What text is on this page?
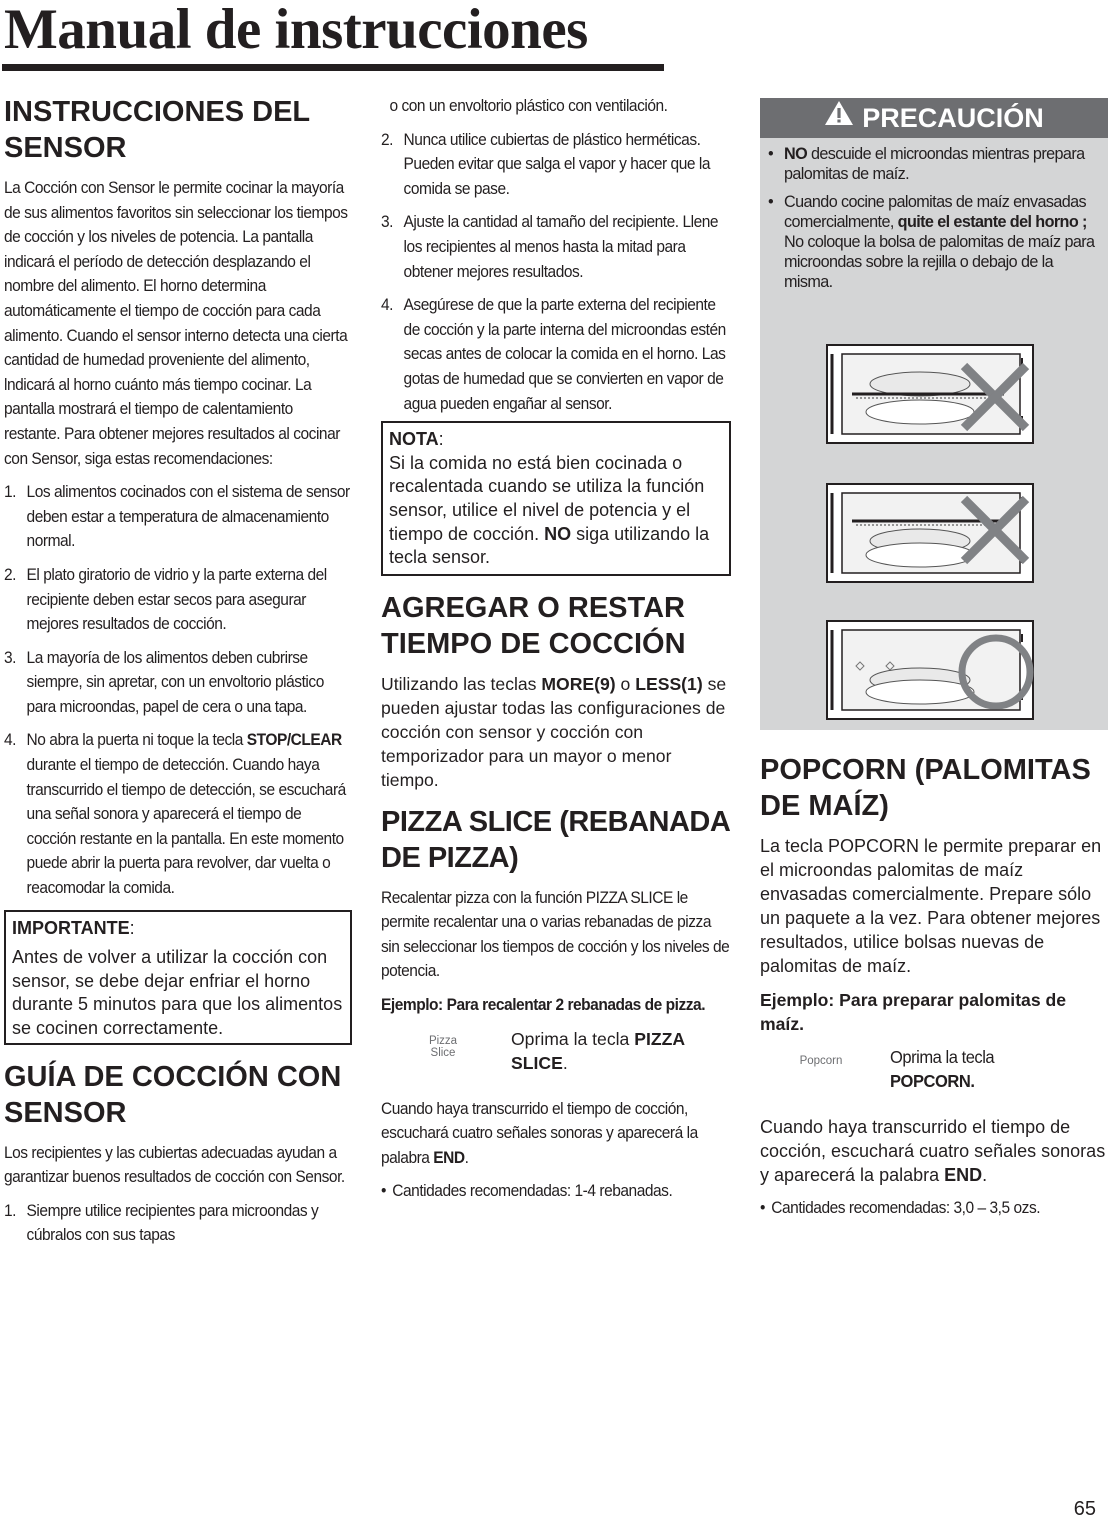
Manual de instrucciones
INSTRUCCIONES DEL SENSOR

La Cocción con Sensor le permite cocinar la mayoría de sus alimentos favoritos sin seleccionar los tiempos de cocción y los niveles de potencia. La pantalla indicará el período de detección desplazando el nombre del alimento. El horno determina automáticamente el tiempo de cocción para cada alimento. Cuando el sensor interno detecta una cierta cantidad de humedad proveniente del alimento, lndicará al horno cuánto más tiempo cocinar. La pantalla mostrará el tiempo de calentamiento restante. Para obtener mejores resultados al cocinar con Sensor, siga estas recomendaciones:

1. Los alimentos cocinados con el sistema de sensor deben estar a temperatura de almacenamiento normal.
2. El plato giratorio de vidrio y la parte externa del recipiente deben estar secos para asegurar mejores resultados de cocción.
3. La mayoría de los alimentos deben cubrirse siempre, sin apretar, con un envoltorio plástico para microondas, papel de cera o una tapa.
4. No abra la puerta ni toque la tecla STOP/CLEAR durante el tiempo de detección. Cuando haya transcurrido el tiempo de detección, se escuchará una señal sonora y aparecerá el tiempo de cocción restante en la pantalla. En este momento puede abrir la puerta para revolver, dar vuelta o reacomodar la comida.
IMPORTANTE:
Antes de volver a utilizar la cocción con sensor, se debe dejar enfriar el horno durante 5 minutos para que los alimentos se cocinen correctamente.
GUÍA DE COCCIÓN CON SENSOR

Los recipientes y las cubiertas adecuadas ayudan a garantizar buenos resultados de cocción con Sensor.

1. Siempre utilice recipientes para microondas y cúbralos con sus tapas
o con un envoltorio plástico con ventilación.
2. Nunca utilice cubiertas de plástico herméticas. Pueden evitar que salga el vapor y hacer que la comida se pase.
3. Ajuste la cantidad al tamaño del recipiente. Llene los recipientes al menos hasta la mitad para obtener mejores resultados.
4. Asegúrese de que la parte externa del recipiente de cocción y la parte interna del microondas estén secas antes de colocar la comida en el horno. Las gotas de humedad que se convierten en vapor de agua pueden engañar al sensor.
NOTA:
Si la comida no está bien cocinada o recalentada cuando se utiliza la función sensor, utilice el nivel de potencia y el tiempo de cocción. NO siga utilizando la tecla sensor.
AGREGAR O RESTAR TIEMPO DE COCCIÓN

Utilizando las teclas MORE(9) o LESS(1) se pueden ajustar todas las configuraciones de cocción con sensor y cocción con temporizador para un mayor o menor tiempo.

PIZZA SLICE (REBANADA DE PIZZA)

Recalentar pizza con la función PIZZA SLICE le permite recalentar una o varias rebanadas de pizza sin seleccionar los tiempos de cocción y los niveles de potencia.

Ejemplo: Para recalentar 2 rebanadas de pizza.

Pizza
Slice
Oprima la tecla PIZZA SLICE.

Cuando haya transcurrido el tiempo de cocción, escuchará cuatro señales sonoras y aparecerá la palabra END.

• Cantidades recomendadas: 1-4 rebanadas.

PRECAUCIÓN
• NO descuide el microondas mientras prepara palomitas de maíz.
• Cuando cocine palomitas de maíz envasadas comercialmente, quite el estante del horno ;
No coloque la bolsa de palomitas de maíz para microondas sobre la rejilla o debajo de la misma.
POPCORN (PALOMITAS DE MAÍZ)

La tecla POPCORN le permite preparar en el microondas palomitas de maíz envasadas comercialmente. Prepare sólo un paquete a la vez. Para obtener mejores resultados, utilice bolsas nuevas de palomitas de maíz.

Ejemplo: Para preparar palomitas de maíz.

Popcorn	Oprima la tecla POPCORN.

Cuando haya transcurrido el tiempo de cocción, escuchará cuatro señales sonoras y aparecerá la palabra END.

• Cantidades recomendadas: 3,0 – 3,5 ozs.

65
